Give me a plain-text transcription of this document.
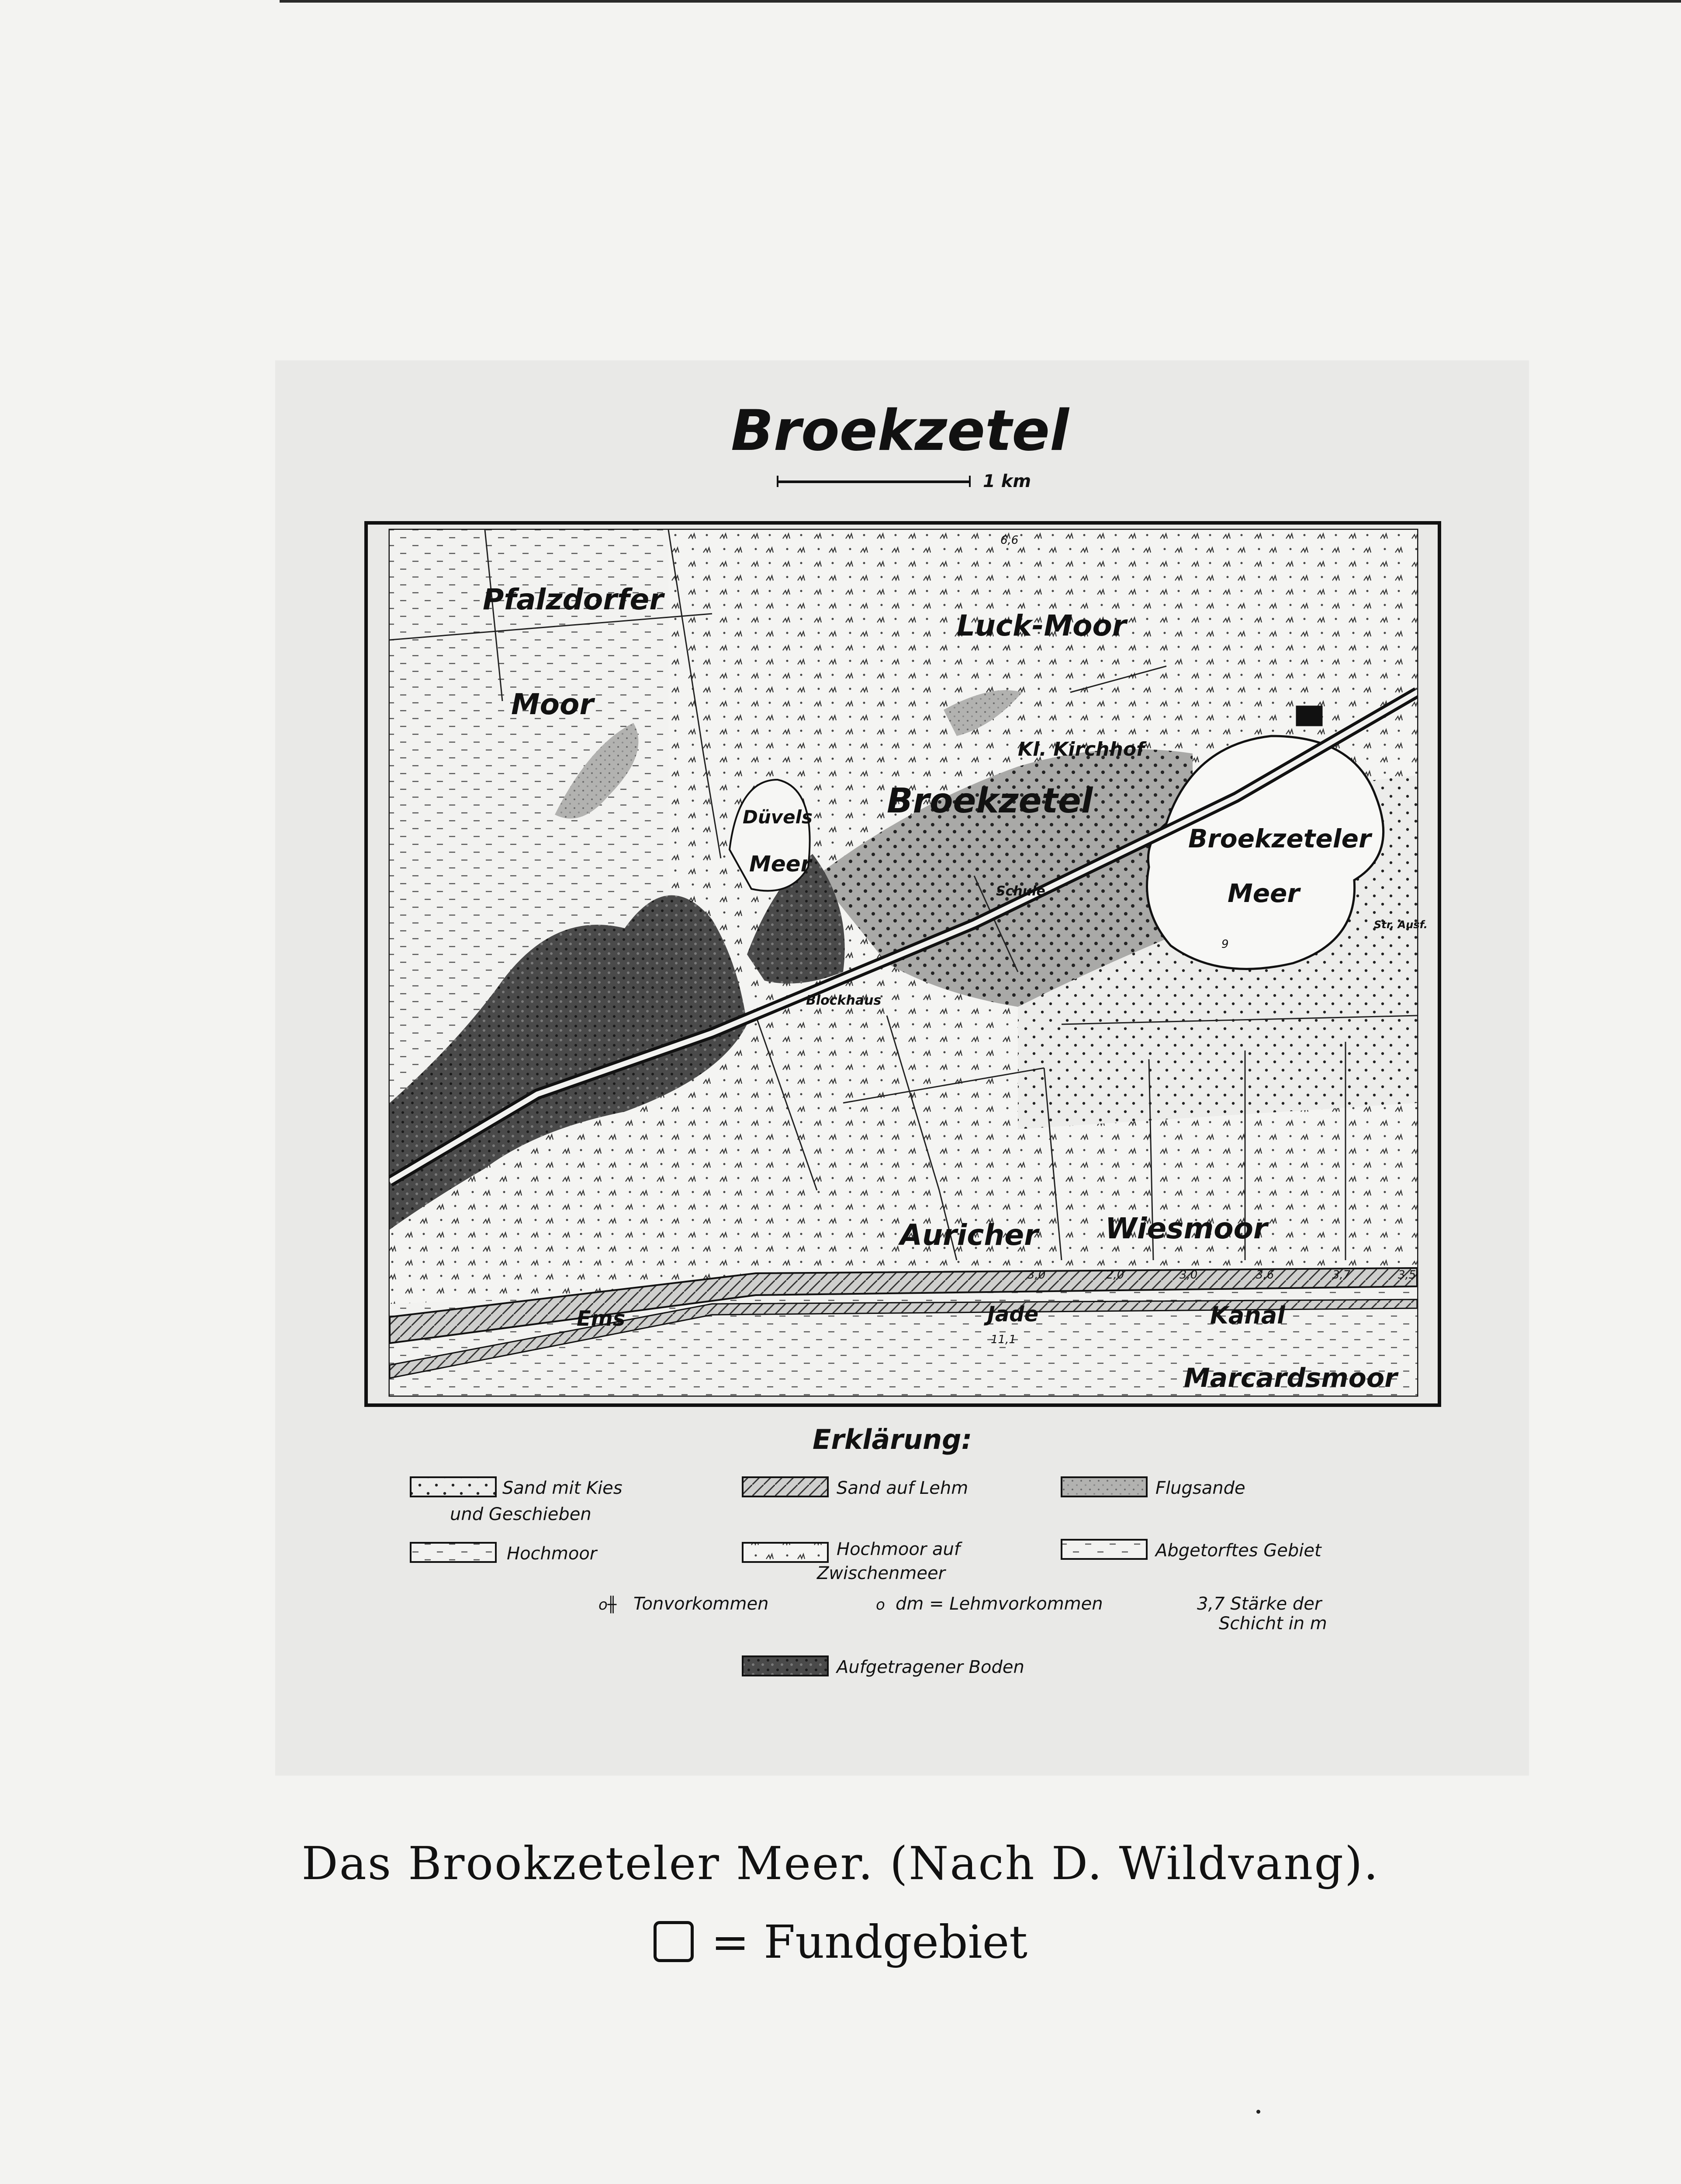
Broekzetel
1 km
Pfalzdorfer
Moor
Luck-Moor
Kl. Kirchhof
Düvels
Meer
Broekzetel
Schule
Broekzeteler
Meer
Str. Ausf.
Blockhaus
Auricher Wiesmoor
Ems	Jade	Kanal
Marcardsmoor
3,0	2,0	3,0	3,6	3,7	3,5
11,1
6,6
9
Erklärung:
Sand mit Kies
und Geschieben
Sand auf Lehm	Flugsande
Hochmoor	Hochmoor auf
Zwischenmeer
Abgetorftes Gebiet
o╫ Tonvorkommen	o dm = Lehmvorkommen	3,7 Stärke der
Schicht in m
Aufgetragener Boden
Das Brookzeteler Meer. (Nach D. Wildvang).
= Fundgebiet
